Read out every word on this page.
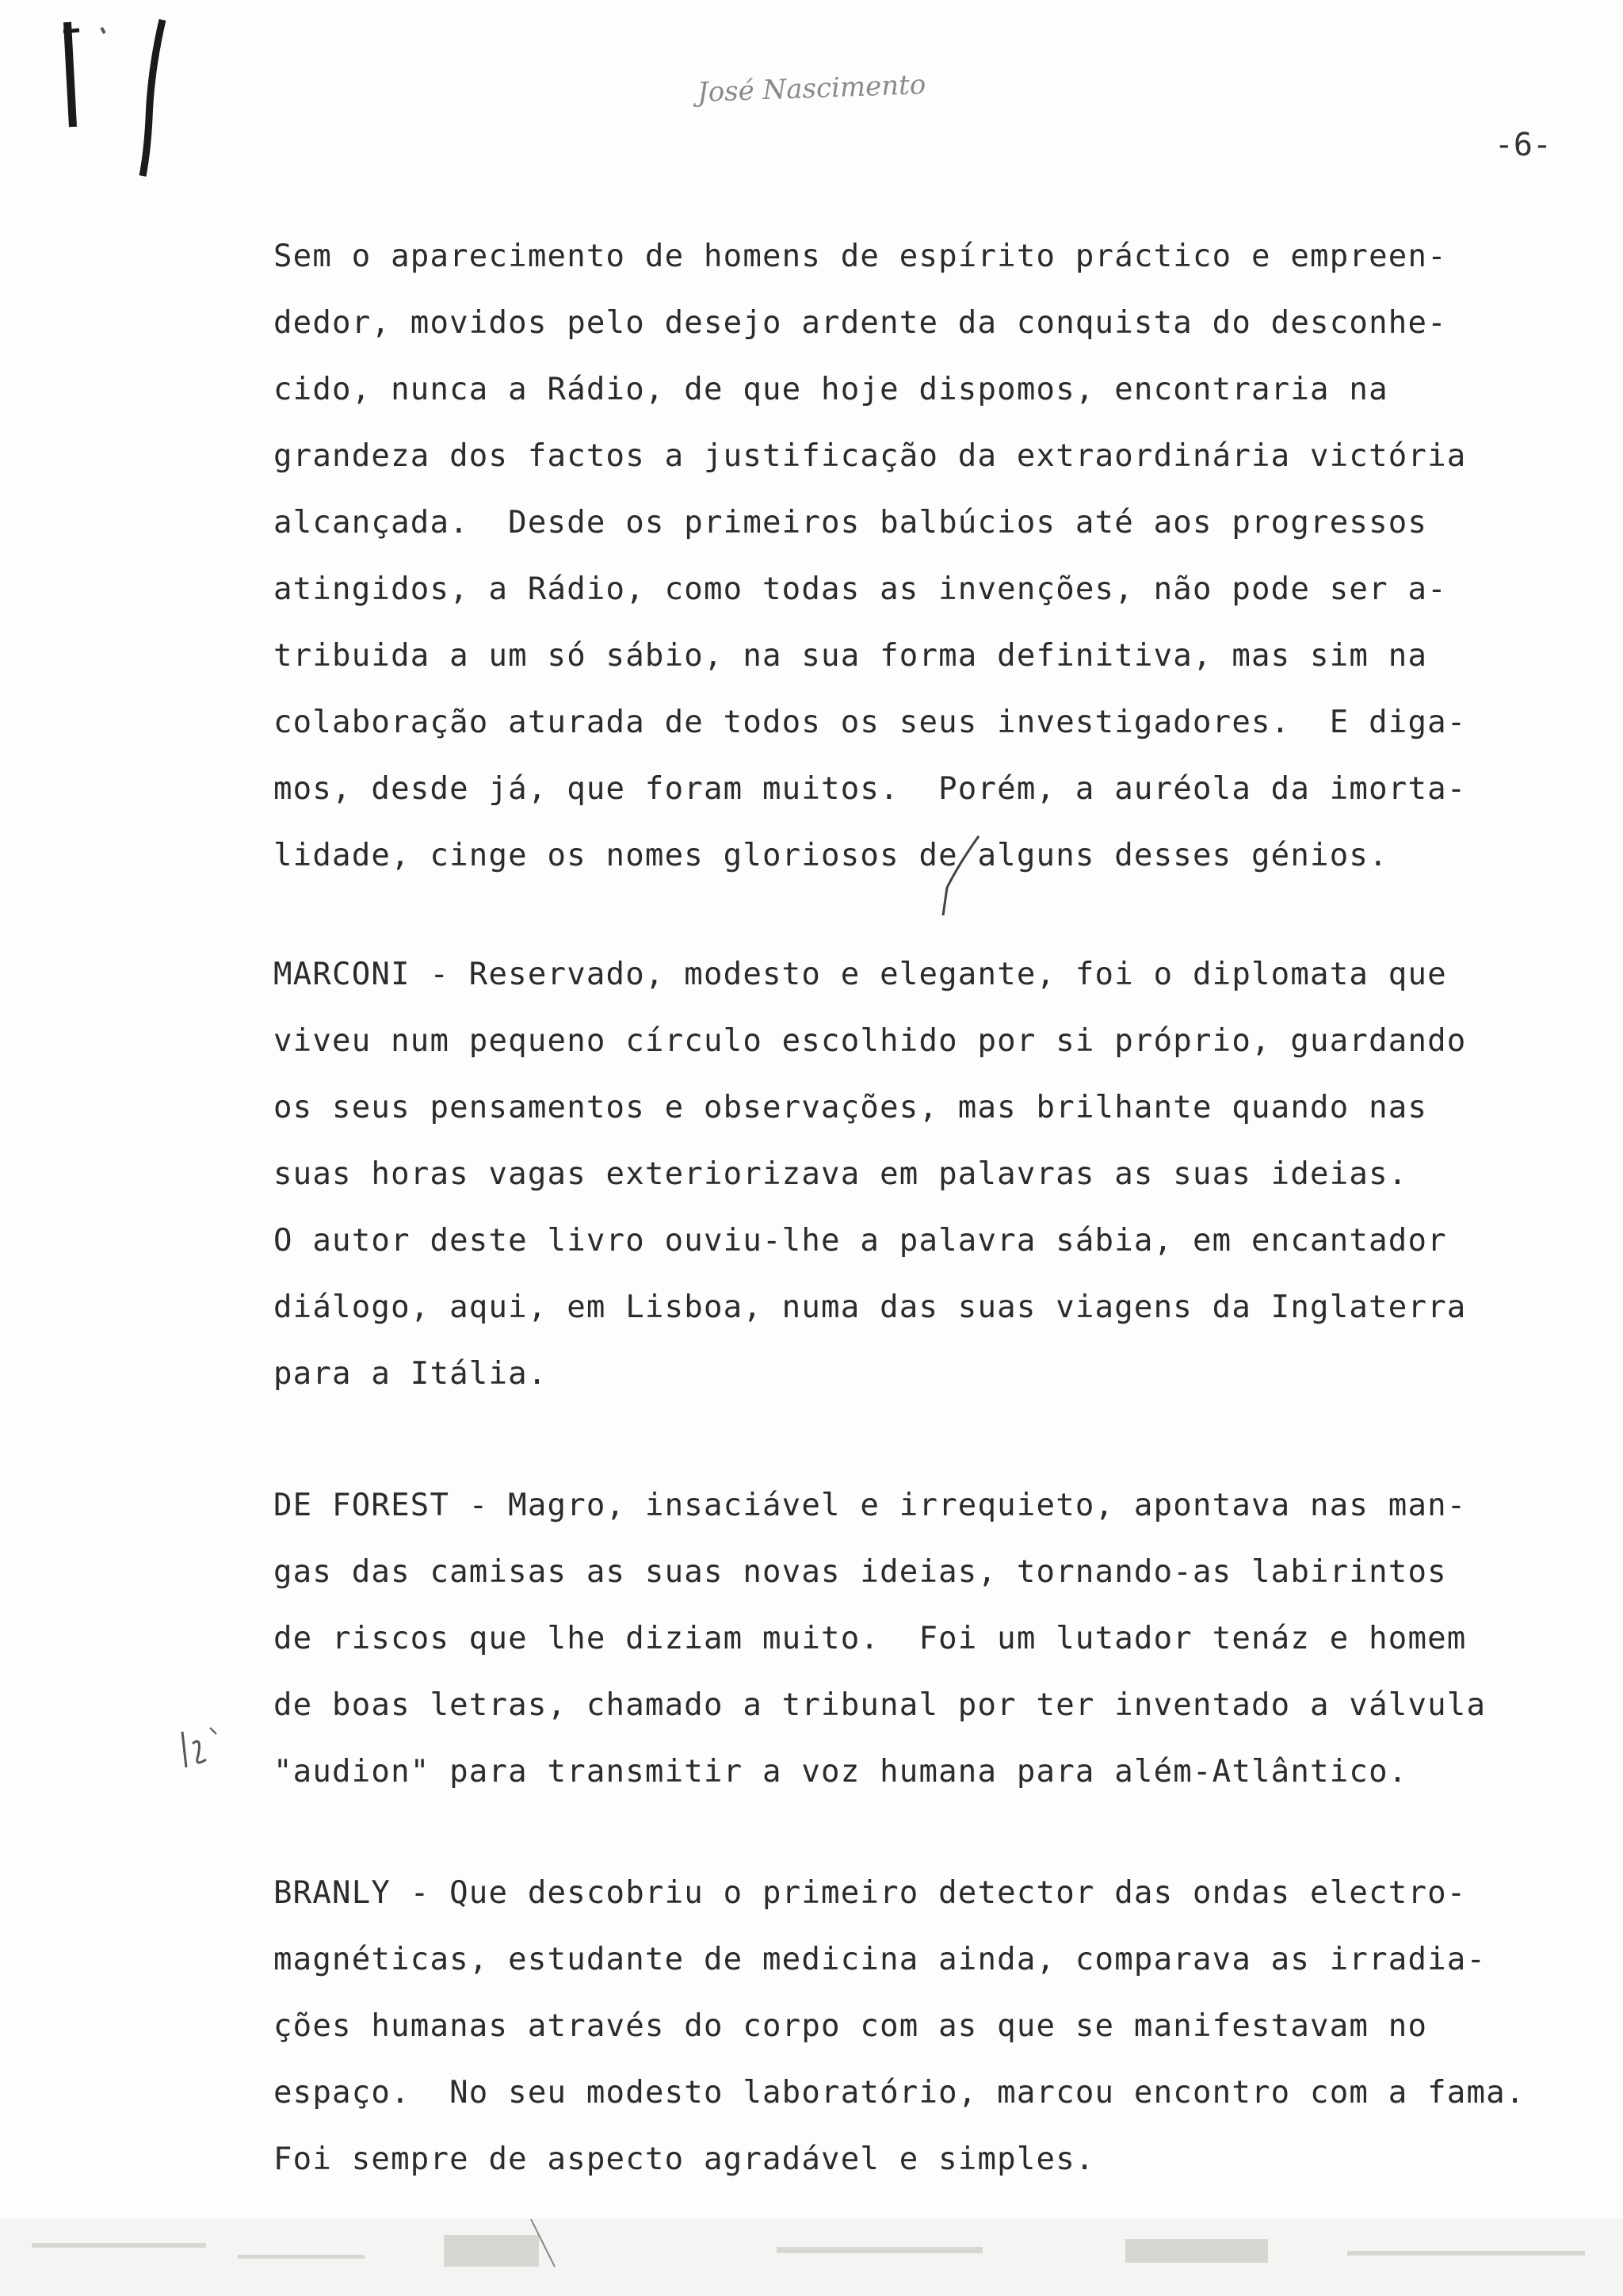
José Nascimento
-6-
Sem o aparecimento de homens de espírito práctico e empreen-
dedor, movidos pelo desejo ardente da conquista do desconhe-
cido, nunca a Rádio, de que hoje dispomos, encontraria na
grandeza dos factos a justificação da extraordinária victória
alcançada.  Desde os primeiros balbúcios até aos progressos
atingidos, a Rádio, como todas as invenções, não pode ser a-
tribuida a um só sábio, na sua forma definitiva, mas sim na
colaboração aturada de todos os seus investigadores.  E diga-
mos, desde já, que foram muitos.  Porém, a auréola da imorta-
lidade, cinge os nomes gloriosos de alguns desses génios.
MARCONI - Reservado, modesto e elegante, foi o diplomata que
viveu num pequeno círculo escolhido por si próprio, guardando
os seus pensamentos e observações, mas brilhante quando nas
suas horas vagas exteriorizava em palavras as suas ideias.
O autor deste livro ouviu-lhe a palavra sábia, em encantador
diálogo, aqui, em Lisboa, numa das suas viagens da Inglaterra
para a Itália.
DE FOREST - Magro, insaciável e irrequieto, apontava nas man-
gas das camisas as suas novas ideias, tornando-as labirintos
de riscos que lhe diziam muito.  Foi um lutador tenáz e homem
de boas letras, chamado a tribunal por ter inventado a válvula
"audion" para transmitir a voz humana para além-Atlântico.
BRANLY - Que descobriu o primeiro detector das ondas electro-
magnéticas, estudante de medicina ainda, comparava as irradia-
ções humanas através do corpo com as que se manifestavam no
espaço.  No seu modesto laboratório, marcou encontro com a fama.
Foi sempre de aspecto agradável e simples.
